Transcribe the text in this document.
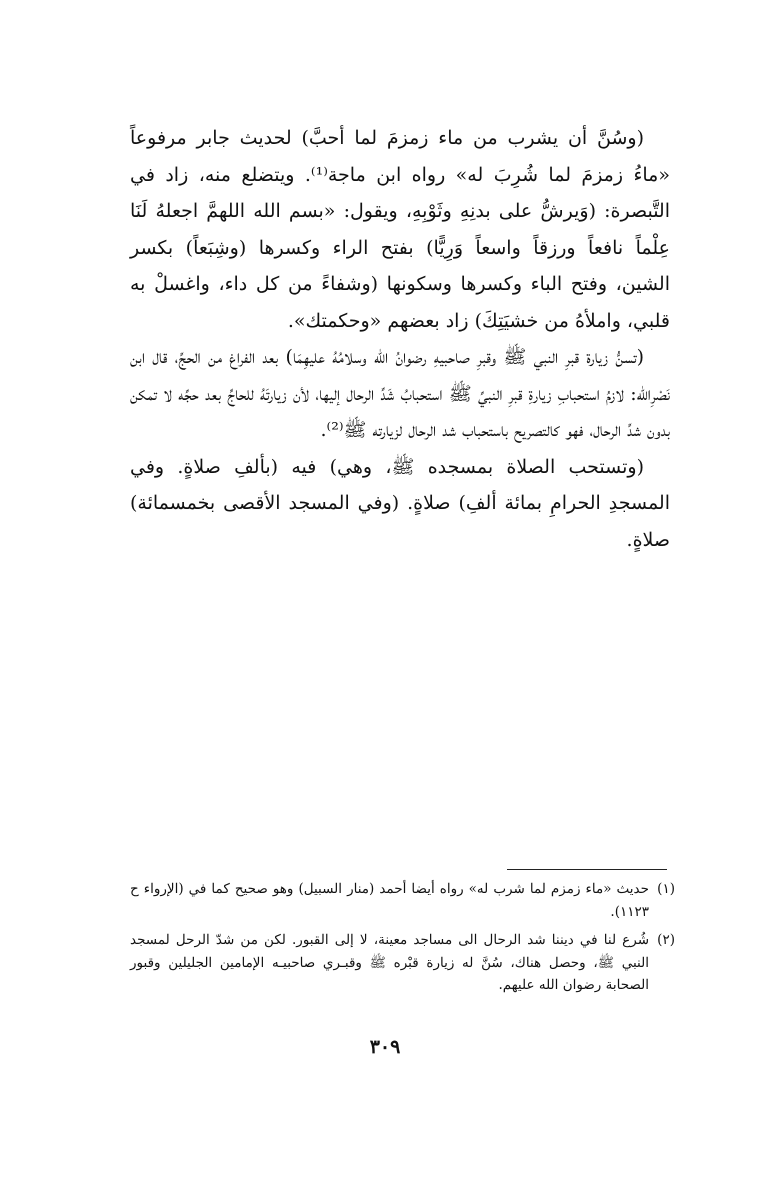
(وسُنَّ أن يشرب من ماء زمزمَ لما أحبَّ) لحديث جابر مرفوعاً «ماءُ زمزمَ لما شُرِبَ له» رواه ابن ماجة⁽¹⁾. ويتضلع منه، زاد في التَّبصرة: (وَيرشُّ على بدنِهِ وثَوْبِهِ، ويقول: «بسم الله اللهمَّ اجعلهُ لَنَا عِلْماً نافعاً ورزقاً واسعاً وَرِيًّا) بفتح الراء وكسرها (وشِبَعاً) بكسر الشين، وفتح الباء وكسرها وسكونها (وشفاءً من كل داء، واغسلْ به قلبي، واملأهُ من خشيَتِكَ) زاد بعضهم «وحكمتك».

(تسنُّ زيارة قبرِ النبي ﷺ وقبرِ صاحبيهِ رضوانُ الله وسلامُهُ عليهِمَا) بعد الفراغ من الحجِّ، قال ابن نَصْرِالله: لازمُ استحبابِ زيارةِ قبرِ النبيِّ ﷺ استحبابُ شَدِّ الرحال إليها، لأن زيارتَهُ للحاجِّ بعد حجِّه لا تمكن بدون شدِّ الرحال، فهو كالتصريح باستحباب شد الرحال لزيارته ﷺ⁽²⁾.

(وتستحب الصلاة بمسجده ﷺ، وهي) فيه (بألفِ صلاةٍ. وفي المسجدِ الحرامِ بمائة ألفِ) صلاةٍ. (وفي المسجد الأقصى بخمسمائة) صلاةٍ.

(١)
حديث «ماء زمزم لما شرب له» رواه أيضا أحمد (منار السبيل) وهو صحيح كما في (الإرواء ح ١١٢٣).
(٢)
شُرع لنا في ديننا شد الرحال الى مساجد معينة، لا إلى القبور. لكن من شدّ الرحل لمسجد النبي ﷺ، وحصل هناك، سُنَّ له زيارة قبْره ﷺ وقبـري صاحبيـه الإمامين الجليلين وقبور الصحابة رضوان الله عليهم.
٣٠٩
